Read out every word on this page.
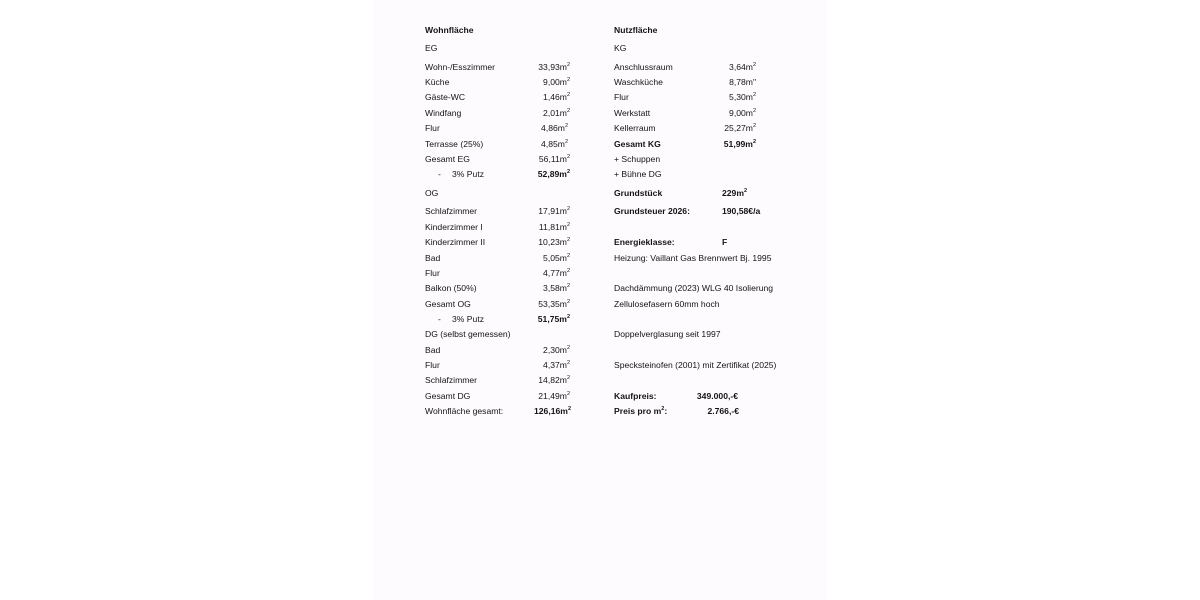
Wohnfläche
EG
Wohn-/Esszimmer	$33,93m^2$
Küche	$9,00m^2$
Gäste-WC	$1,46m^2$
Windfang	$2,01m^2$
Flur	$4,86m^2$
Terrasse (25%)	$4,85m^2$
Gesamt EG	$56,11m^2$
- 3% Putz	$52,89m^2$
OG
Schlafzimmer	$17,91m^2$
Kinderzimmer I	$11,81m^2$
Kinderzimmer II	$10,23m^2$
Bad	$5,05m^2$
Flur	$4,77m^2$
Balkon (50%)	$3,58m^2$
Gesamt OG	$53,35m^2$
- 3% Putz	$51,75m^2$
DG (selbst gemessen)
Bad	$2,30m^2$
Flur	$4,37m^2$
Schlafzimmer	$14,82m^2$
Gesamt DG	$21,49m^2$
Wohnfläche gesamt:	$126,16m^2$
Nutzfläche
KG
Anschlussraum	$3,64m^2$
Waschküche	8,78m"
Flur	$5,30m^2$
Werkstatt	$9,00m^2$
Kellerraum	$25,27m^2$
Gesamt KG	$51,99m^2$
+ Schuppen
+ Bühne DG
Grundstück	$229m^2$
Grundsteuer 2026:	190,58€/a
Energieklasse:	F
Heizung: Vaillant Gas Brennwert Bj. 1995
Dachdämmung (2023) WLG 40 Isolierung
Zellulosefasern 60mm hoch
Doppelverglasung seit 1997
Specksteinofen (2001) mit Zertifikat (2025)
Kaufpreis:	349.000,-€
Preis pro $m^2$:	2.766,-€
